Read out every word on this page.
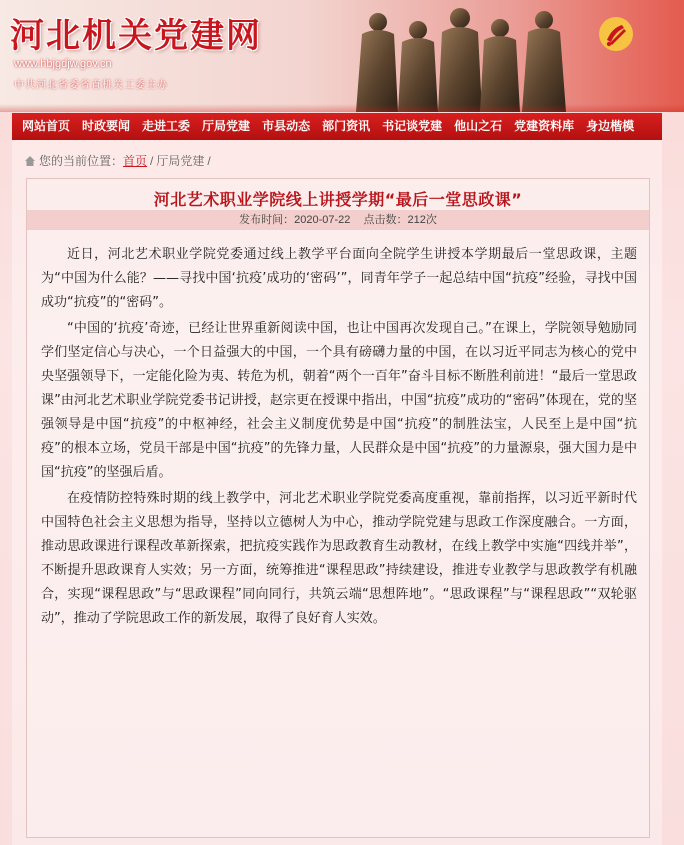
河北机关党建网
www.hbjgdjw.gov.cn
中共河北省委省直机关工委主办
网站首页	时政要闻	走进工委	厅局党建	市县动态	部门资讯	书记谈党建	他山之石	党建资料库	身边楷模
您的当前位置： 首页 / 厅局党建 /
河北艺术职业学院线上讲授学期“最后一堂思政课”
发布时间：2020-07-22 点击数：212次

近日，河北艺术职业学院党委通过线上教学平台面向全院学生讲授本学期最后一堂思政课，主题为“中国为什么能？——寻找中国‘抗疫’成功的‘密码’”，同青年学子一起总结中国“抗疫”经验，寻找中国成功“抗疫”的“密码”。

“中国的‘抗疫’奇迹，已经让世界重新阅读中国，也让中国再次发现自己。”在课上，学院领导勉励同学们坚定信心与决心，一个日益强大的中国，一个具有磅礴力量的中国，在以习近平同志为核心的党中央坚强领导下，一定能化险为夷、转危为机，朝着“两个一百年”奋斗目标不断胜利前进！“最后一堂思政课”由河北艺术职业学院党委书记讲授，赵宗更在授课中指出，中国“抗疫”成功的“密码”体现在，党的坚强领导是中国“抗疫”的中枢神经，社会主义制度优势是中国“抗疫”的制胜法宝，人民至上是中国“抗疫”的根本立场，党员干部是中国“抗疫”的先锋力量，人民群众是中国“抗疫”的力量源泉，强大国力是中国“抗疫”的坚强后盾。

在疫情防控特殊时期的线上教学中，河北艺术职业学院党委高度重视，靠前指挥，以习近平新时代中国特色社会主义思想为指导，坚持以立德树人为中心，推动学院党建与思政工作深度融合。一方面，推动思政课进行课程改革新探索，把抗疫实践作为思政教育生动教材，在线上教学中实施“四线并举”，不断提升思政课育人实效；另一方面，统筹推进“课程思政”持续建设，推进专业教学与思政教学有机融合，实现“课程思政”与“思政课程”同向同行，共筑云端“思想阵地”。“思政课程”与“课程思政”“双轮驱动”，推动了学院思政工作的新发展，取得了良好育人实效。
